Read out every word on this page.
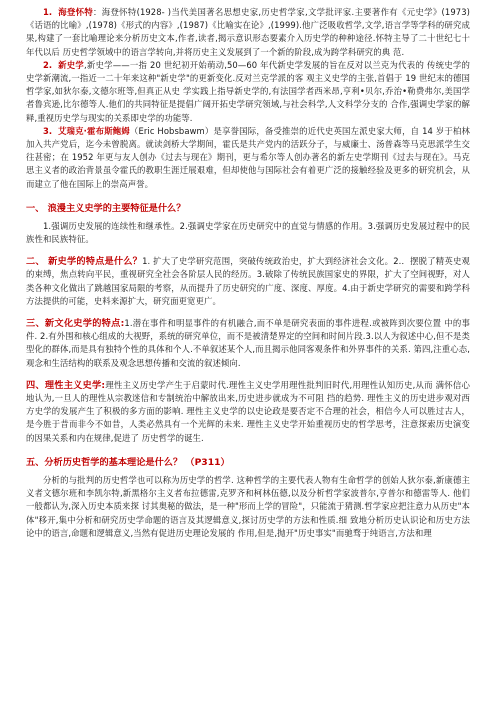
1. 海登怀特：海登怀特(1928- )当代美国著名思想史家,历史哲学家,文学批评家.主要著作有《元史学》(1973)《话语的比喻》,(1978)《形式的内容》,(1987)《比喻实在论》,(1999).他广泛吸收哲学,文学,语言学等学科的研究成果,构建了一套比喻理论来分析历史文本,作者,读者,揭示意识形态要素介入历史学的种种途径.怀特主导了二十世纪七十年代以后 历史哲学领域中的语言学转向,并将历史主义发展到了一个新的阶段,成为跨学科研究的典 范.

2. 新史学,新史学——一指 20 世纪初开始萌动,50—60 年代新史学发展的旨在反对以兰克为代表的 传统史学的史学新潮流,一指近一二十年来这种"新史学"的更新变化.反对兰克学派的客 观主义史学的主张,首倡于 19 世纪末的德国哲学家,如狄尔泰,文德尔班等,但真正从史 学实践上指导新史学的,有法国学者西米昂,亨利•贝尔,乔治•勒费弗尔,美国学者鲁宾逊,比尔德等人.他们的共同特征是提倡广阔开拓史学研究领域,与社会科学,人文科学分支的 合作,强调史学家的解释,重视历史学与现实的关系即史学的功能等.

3. 艾瑞克·霍布斯鲍姆（Eric Hobsbawm）是享誉国际，备受推崇的近代史英国左派史家大师，自 14 岁于柏林加入共产党后，迄今未曾脱离。就读剑桥大学期间，霍氏是共产党内的活跃分子，与威廉士、汤普森等马克思派学生交往甚密；在 1952 年更与友人创办《过去与现在》期刊，更与希尔等人创办著名的新左史学期刊《过去与现在》。马克思主义者的政治背景虽令霍氏的教职生涯迁展艰难，但却使他与国际社会有着更广泛的接触经验及更多的研究机会，从而建立了他在国际上的崇高声誉。

一、 浪漫主义史学的主要特征是什么？

1.强调历史发展的连续性和继承性。2.强调史学家在历史研究中的直觉与情感的作用。3.强调历史发展过程中的民族性和民族特征。

二、 新史学的特点是什么？1. 扩大了史学研究范围，突破传统政治史，扩大到经济社会文化。2.．摆脱了精英史观的束缚，焦点转向平民，重视研究全社会各阶层人民的经历。3.破除了传统民族国家史的界限，扩大了空间视野，对人类各种文化做出了跳越国家局限的考察，从而提升了历史研究的广度、深度、厚度。4.由于新史学研究的需要和跨学科方法提供的可能，史料来源扩大，研究面更宽更广。

三、新文化史学的特点:1.潜在事件和明显事件的有机融合,而不单是研究表面的事件进程.或被阵到次要位置 中的事件. 2.有外围和核心组成的大视野，系统的研究单位，而不是被清楚界定的空间和时间片段.3.以人为叙述中心,但不是类型化的群体,而是具有独特个性的具体和个人.不单叙述某个人,而且揭示他同客观条件和外界事件的关系. 第四,注重心态,观念和生活结构的联系及观念思想传播和交流的叙述倾向.

四、理性主义史学:理性主义历史学产生于启蒙时代.理性主义史学用理性批判旧时代,用理性认知历史,从而 满怀信心地认为,一旦人的理性从宗教迷信和专制统治中解放出来,历史进步就成为不可阻 挡的趋势. 理性主义的历史进步观对西方史学的发展产生了积极的多方面的影响. 理性主义史学的以史论政是要否定不合理的社会，相信今人可以胜过古人，是今胜于昔而非今不如昔，人类必然具有一个光辉的未来. 理性主义史学开始重视历史的哲学思考，注意探索历史演变的因果关系和内在规律,促进了 历史哲学的诞生.

五、分析历史哲学的基本理论是什么？ （P311）

分析的与批判的历史哲学也可以称为历史学的哲学. 这种哲学的主要代表人物有生命哲学的创始人狄尔泰,新康德主义者文德尔班和李凯尔特,新黑格尔主义者布拉德雷,克罗齐和柯林伍德,以及分析哲学家波普尔,亨普尔和德雷等人. 他们一般都认为,深入历史本质来探 讨其奥秘的做法，是一种"形而上学的冒险"，只能流于猜测.哲学家应把注意力从历史"本体"移开,集中分析和研究历史学命题的语言及其逻辑意义,探讨历史学的方法和性质.细 致地分析历史认识论和历史方法论中的语言,命题和逻辑意义,当然有促进历史理论发展的 作用,但是,抛开"历史事实"而驰骛于纯语言,方法和理
